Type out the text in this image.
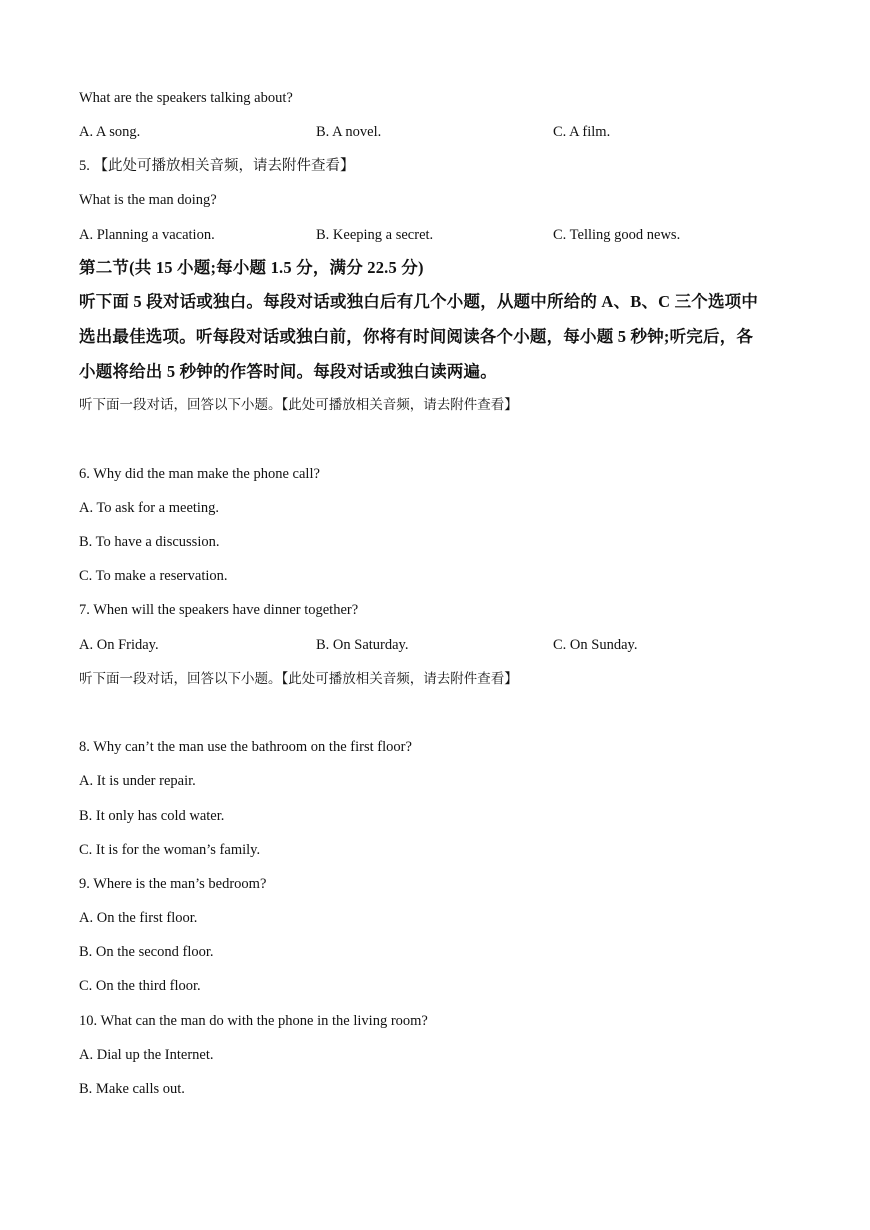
What are the speakers talking about?
A. A song.	B. A novel.	C. A film.
5. 【此处可播放相关音频，请去附件查看】
What is the man doing?
A. Planning a vacation.	B. Keeping a secret.	C. Telling good news.
第二节(共 15 小题;每小题 1.5 分，满分 22.5 分)
听下面 5 段对话或独白。每段对话或独白后有几个小题，从题中所给的 A、B、C 三个选项中
选出最佳选项。听每段对话或独白前，你将有时间阅读各个小题，每小题 5 秒钟;听完后，各
小题将给出 5 秒钟的作答时间。每段对话或独白读两遍。
听下面一段对话，回答以下小题。【此处可播放相关音频，请去附件查看】
6. Why did the man make the phone call?
A. To ask for a meeting.
B. To have a discussion.
C. To make a reservation.
7. When will the speakers have dinner together?
A. On Friday.	B. On Saturday.	C. On Sunday.
听下面一段对话，回答以下小题。【此处可播放相关音频，请去附件查看】
8. Why can’t the man use the bathroom on the first floor?
A. It is under repair.
B. It only has cold water.
C. It is for the woman’s family.
9. Where is the man’s bedroom?
A. On the first floor.
B. On the second floor.
C. On the third floor.
10. What can the man do with the phone in the living room?
A. Dial up the Internet.
B. Make calls out.
